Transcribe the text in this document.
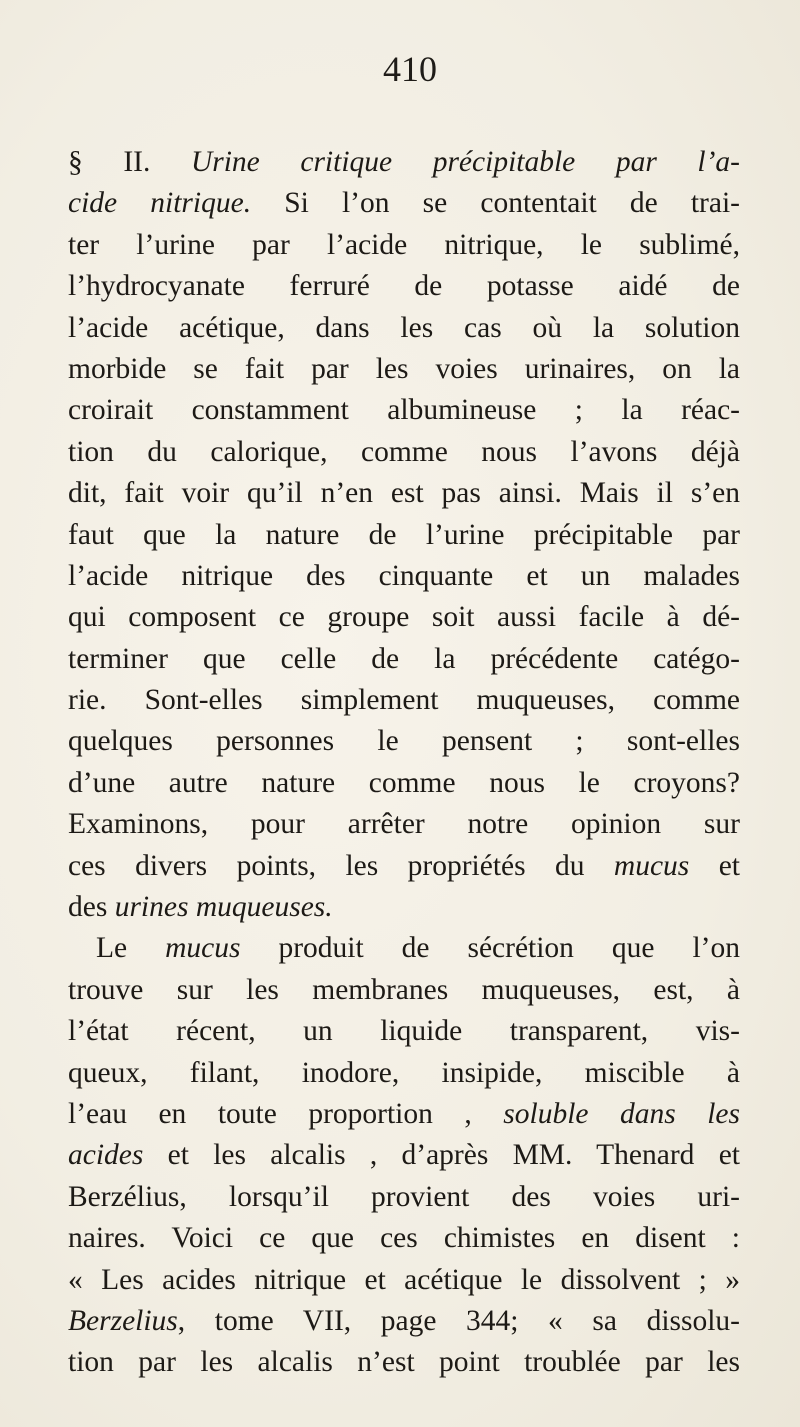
410
§ II. Urine critique précipitable par l’a-
cide nitrique. Si l’on se contentait de trai-
ter l’urine par l’acide nitrique, le sublimé,
l’hydrocyanate ferruré de potasse aidé de
l’acide acétique, dans les cas où la solution
morbide se fait par les voies urinaires, on la
croirait constamment albumineuse ; la réac-
tion du calorique, comme nous l’avons déjà
dit, fait voir qu’il n’en est pas ainsi. Mais il s’en
faut que la nature de l’urine précipitable par
l’acide nitrique des cinquante et un malades
qui composent ce groupe soit aussi facile à dé-
terminer que celle de la précédente catégo-
rie. Sont-elles simplement muqueuses, comme
quelques personnes le pensent ; sont-elles
d’une autre nature comme nous le croyons?
Examinons, pour arrêter notre opinion sur
ces divers points, les propriétés du mucus et
des urines muqueuses.
Le mucus produit de sécrétion que l’on
trouve sur les membranes muqueuses, est, à
l’état récent, un liquide transparent, vis-
queux, filant, inodore, insipide, miscible à
l’eau en toute proportion , soluble dans les
acides et les alcalis , d’après MM. Thenard et
Berzélius, lorsqu’il provient des voies uri-
naires. Voici ce que ces chimistes en disent :
« Les acides nitrique et acétique le dissolvent ; »
Berzelius, tome VII, page 344; « sa dissolu-
tion par les alcalis n’est point troublée par les
